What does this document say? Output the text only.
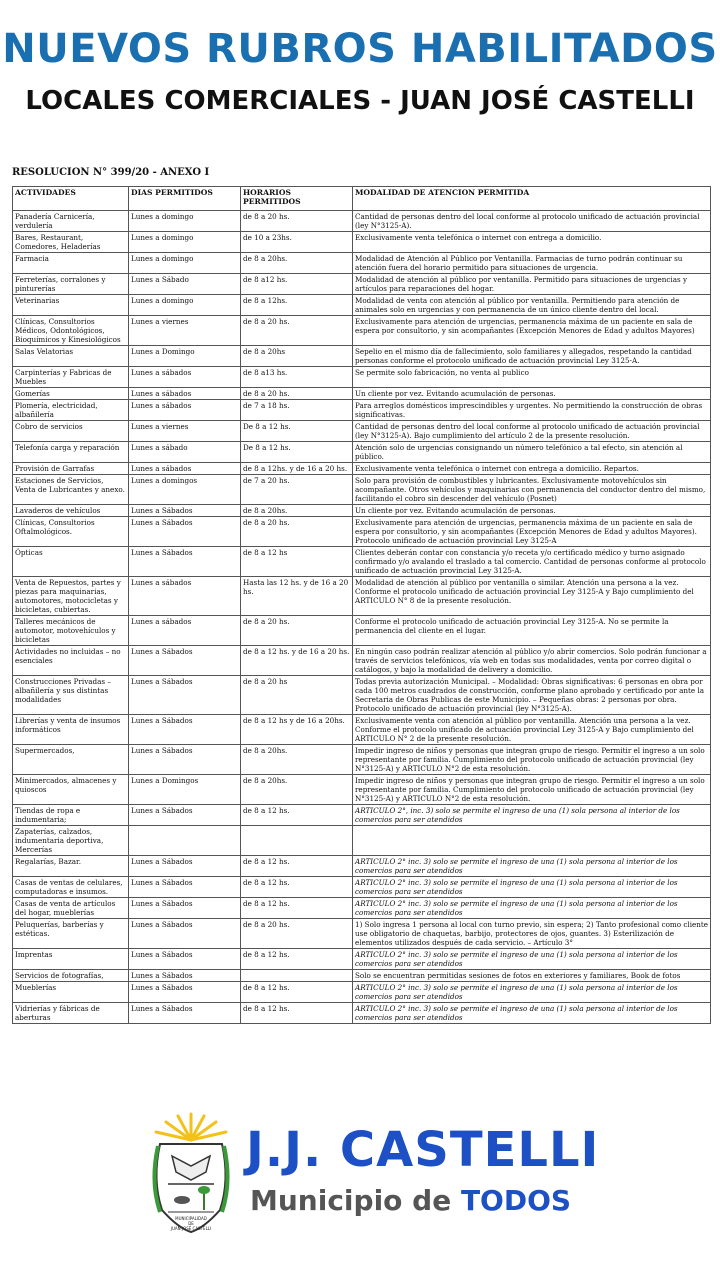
NUEVOS RUBROS HABILITADOS
LOCALES COMERCIALES - JUAN JOSÉ CASTELLI
RESOLUCION N° 399/20 - ANEXO I
ACTIVIDADES	DIAS PERMITIDOS	HORARIOS PERMITIDOS	MODALIDAD DE ATENCION PERMITIDA
Panadería Carnicería, verdulería	Lunes a domingo	de 8 a 20 hs.	Cantidad de personas dentro del local conforme al protocolo unificado de actuación provincial (ley N°3125-A).
Bares, Restaurant, Comedores, Heladerías	Lunes a domingo	de 10 a 23hs.	Exclusivamente venta telefónica o internet con entrega a domicilio.
Farmacia	Lunes a domingo	de 8 a 20hs.	Modalidad de Atención al Público por Ventanilla. Farmacias de turno podrán continuar su atención fuera del horario permitido para situaciones de urgencia.
Ferreterías, corralones y pinturerías	Lunes a Sábado	de 8 a12 hs.	Modalidad de atención al público por ventanilla. Permitido para situaciones de urgencias y artículos para reparaciones del hogar.
Veterinarias	Lunes a domingo	de 8 a 12hs.	Modalidad de venta con atención al público por ventanilla. Permitiendo para atención de animales solo en urgencias y con permanencia de un único cliente dentro del local.
Clínicas, Consultorios Médicos, Odontológicos, Bioquímicos y Kinesiológicos	Lunes a viernes	de 8 a 20 hs.	Exclusivamente para atención de urgencias, permanencia máxima de un paciente en sala de espera por consultorio, y sin acompañantes (Excepción Menores de Edad y adultos Mayores)
Salas Velatorias	Lunes a Domingo	de 8 a 20hs	Sepelio en el mismo día de fallecimiento, solo familiares y allegados, respetando la cantidad personas conforme el protocolo unificado de actuación provincial Ley 3125-A.
Carpinterías y Fabricas de Muebles	Lunes a sábados	de 8 a13 hs.	Se permite solo fabricación, no venta al publico
Gomerías	Lunes a sábados	de 8 a 20 hs.	Un cliente por vez. Evitando acumulación de personas.
Plomería, electricidad, albañilería	Lunes a sábados	de 7 a 18 hs.	Para arreglos domésticos imprescindibles y urgentes. No permitiendo la construcción de obras significativas.
Cobro de servicios	Lunes a viernes	De 8 a 12 hs.	Cantidad de personas dentro del local conforme al protocolo unificado de actuación provincial (ley N°3125-A). Bajo cumplimiento del artículo 2 de la presente resolución.
Telefonía carga y reparación	Lunes a sábado	De 8 a 12 hs.	Atención solo de urgencias consignando un número telefónico a tal efecto, sin atención al público.
Provisión de Garrafas	Lunes a sábados	de 8 a 12hs. y de 16 a 20 hs.	Exclusivamente venta telefónica o internet con entrega a domicilio. Repartos.
Estaciones de Servicios, Venta de Lubricantes y anexo.	Lunes a domingos	de 7 a 20 hs.	Solo para provisión de combustibles y lubricantes. Exclusivamente motovehículos sin acompañante. Otros vehículos y maquinarias con permanencia del conductor dentro del mismo, facilitando el cobro sin descender del vehículo (Posnet)
Lavaderos de vehículos	Lunes a Sábados	de 8 a 20hs.	Un cliente por vez. Evitando acumulación de personas.
Clínicas, Consultorios Oftalmológicos.	Lunes a Sábados	de 8 a 20 hs.	Exclusivamente para atención de urgencias, permanencia máxima de un paciente en sala de espera por consultorio, y sin acompañantes (Excepción Menores de Edad y adultos Mayores). Protocolo unificado de actuación provincial Ley 3125-A
Ópticas	Lunes a Sábados	de 8 a 12 hs	Clientes deberán contar con constancia y/o receta y/o certificado médico y turno asignado confirmado y/o avalando el traslado a tal comercio. Cantidad de personas conforme al protocolo unificado de actuación provincial Ley 3125-A.
Venta de Repuestos, partes y piezas para maquinarias, automotores, motocicletas y bicicletas, cubiertas.	Lunes a sábados	Hasta las 12 hs. y de 16 a 20 hs.	Modalidad de atención al público por ventanilla o similar. Atención una persona a la vez. Conforme el protocolo unificado de actuación provincial Ley 3125-A y Bajo cumplimiento del ARTICULO N° 8 de la presente resolución.
Talleres mecánicos de automotor, motovehículos y bicicletas	Lunes a sábados	de 8 a 20 hs.	Conforme el protocolo unificado de actuación provincial Ley 3125-A. No se permite la permanencia del cliente en el lugar.
Actividades no incluidas – no esenciales	Lunes a Sábados	de 8 a 12 hs. y de 16 a 20 hs.	En ningún caso podrán realizar atención al público y/o abrir comercios. Solo podrán funcionar a través de servicios telefónicos, vía web en todas sus modalidades, venta por correo digital o catálogos, y bajo la modalidad de delivery a domicilio.
Construcciones Privadas – albañilería y sus distintas modalidades	Lunes a Sábados	de 8 a 20 hs	Todas previa autorización Municipal. – Modalidad: Obras significativas: 6 personas en obra por cada 100 metros cuadrados de construcción, conforme plano aprobado y certificado por ante la Secretaria de Obras Publicas de este Municipio. – Pequeñas obras: 2 personas por obra. Protocolo unificado de actuación provincial (ley N°3125-A).
Librerías y venta de insumos informáticos	Lunes a Sábados	de 8 a 12 hs y de 16 a 20hs.	Exclusivamente venta con atención al público por ventanilla. Atención una persona a la vez. Conforme el protocolo unificado de actuación provincial Ley 3125-A y Bajo cumplimiento del ARTICULO N° 2 de la presente resolución.
Supermercados,	Lunes a Sábados	de 8 a 20hs.	Impedir ingreso de niños y personas que integran grupo de riesgo. Permitir el ingreso a un solo representante por familia. Cumplimiento del protocolo unificado de actuación provincial (ley N°3125-A) y ARTICULO N°2 de esta resolución.
Minimercados, almacenes y quioscos	Lunes a Domingos	de 8 a 20hs.	Impedir ingreso de niños y personas que integran grupo de riesgo. Permitir el ingreso a un solo representante por familia. Cumplimiento del protocolo unificado de actuación provincial (ley N°3125-A) y ARTICULO N°2 de esta resolución.
Tiendas de ropa e indumentaria;	Lunes a Sábados	de 8 a 12 hs.	ARTICULO 2°, inc. 3) solo se permite el ingreso de una (1) sola persona al interior de los comercios para ser atendidos
Zapaterías, calzados, indumentaria deportiva, Mercerías			
Regalarías, Bazar.	Lunes a Sábados	de 8 a 12 hs.	ARTICULO 2° inc. 3) solo se permite el ingreso de una (1) sola persona al interior de los comercios para ser atendidos
Casas de ventas de celulares, computadoras e insumos.	Lunes a Sábados	de 8 a 12 hs.	ARTICULO 2° inc. 3) solo se permite el ingreso de una (1) sola persona al interior de los comercios para ser atendidos
Casas de venta de artículos del hogar, mueblerías	Lunes a Sábados	de 8 a 12 hs.	ARTICULO 2° inc. 3) solo se permite el ingreso de una (1) sola persona al interior de los comercios para ser atendidos
Peluquerías, barberías y estéticas.	Lunes a Sábados	de 8 a 20 hs.	1) Solo ingresa 1 persona al local con turno previo, sin espera; 2) Tanto profesional como cliente use obligatorio de chaquetas, barbijo, protectores de ojos, guantes. 3) Esterilización de elementos utilizados después de cada servicio. – Artículo 3°
Imprentas	Lunes a Sábados	de 8 a 12 hs.	ARTICULO 2° inc. 3) solo se permite el ingreso de una (1) sola persona al interior de los comercios para ser atendidos
Servicios de fotografías,	Lunes a Sábados		Solo se encuentran permitidas sesiones de fotos en exteriores y familiares, Book de fotos
Mueblerías	Lunes a Sábados	de 8 a 12 hs.	ARTICULO 2° inc. 3) solo se permite el ingreso de una (1) sola persona al interior de los comercios para ser atendidos
Vidrierías y fábricas de aberturas	Lunes a Sábados	de 8 a 12 hs.	ARTICULO 2° inc. 3) solo se permite el ingreso de una (1) sola persona al interior de los comercios para ser atendidos
MUNICIPALIDAD
DE
JUAN JOSÉ CASTELLI
J.J. CASTELLI
Municipio de TODOS
